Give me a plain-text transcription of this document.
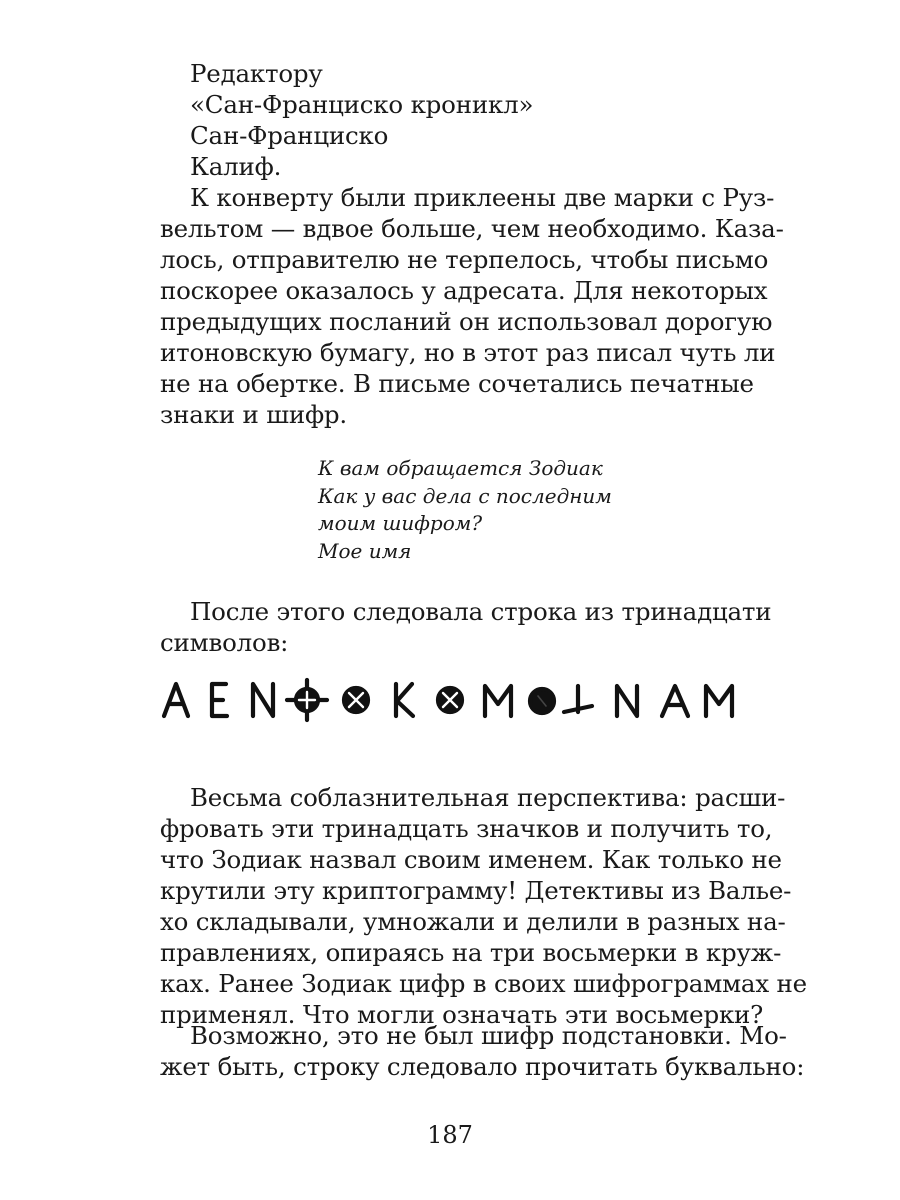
Редактору
«Сан-Франциско кроникл»
Сан-Франциско
Калиф.
К конверту были приклеены две марки с Руз-
вельтом — вдвое больше, чем необходимо. Каза-
лось, отправителю не терпелось, чтобы письмо
поскорее оказалось у адресата. Для некоторых
предыдущих посланий он использовал дорогую
итоновскую бумагу, но в этот раз писал чуть ли
не на обертке. В письме сочетались печатные
знаки и шифр.
К вам обращается Зодиак
Как у вас дела с последним
моим шифром?
Мое имя
После этого следовала строка из тринадцати
символов:
Весьма соблазнительная перспектива: расши-
фровать эти тринадцать значков и получить то,
что Зодиак назвал своим именем. Как только не
крутили эту криптограмму! Детективы из Валье-
хо складывали, умножали и делили в разных на-
правлениях, опираясь на три восьмерки в круж-
ках. Ранее Зодиак цифр в своих шифрограммах не
применял. Что могли означать эти восьмерки?
Возможно, это не был шифр подстановки. Мо-
жет быть, строку следовало прочитать буквально:
187
